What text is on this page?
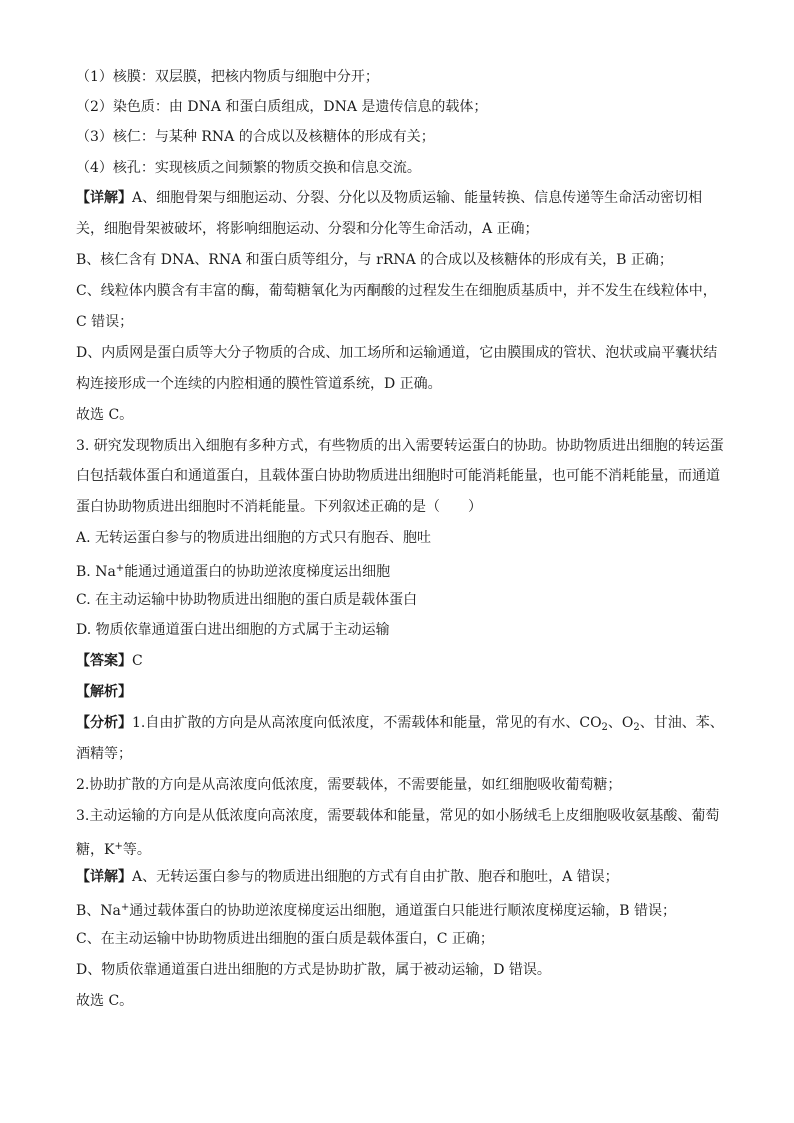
（1）核膜：双层膜，把核内物质与细胞中分开；
（2）染色质：由 DNA 和蛋白质组成，DNA 是遗传信息的载体；
（3）核仁：与某种 RNA 的合成以及核糖体的形成有关；
（4）核孔：实现核质之间频繁的物质交换和信息交流。
【详解】A、细胞骨架与细胞运动、分裂、分化以及物质运输、能量转换、信息传递等生命活动密切相
关，细胞骨架被破坏，将影响细胞运动、分裂和分化等生命活动，A 正确；
B、核仁含有 DNA、RNA 和蛋白质等组分，与 rRNA 的合成以及核糖体的形成有关，B 正确；
C、线粒体内膜含有丰富的酶，葡萄糖氧化为丙酮酸的过程发生在细胞质基质中，并不发生在线粒体中，
C 错误；
D、内质网是蛋白质等大分子物质的合成、加工场所和运输通道，它由膜围成的管状、泡状或扁平囊状结
构连接形成一个连续的内腔相通的膜性管道系统，D 正确。
故选 C。
3. 研究发现物质出入细胞有多种方式，有些物质的出入需要转运蛋白的协助。协助物质进出细胞的转运蛋
白包括载体蛋白和通道蛋白，且载体蛋白协助物质进出细胞时可能消耗能量，也可能不消耗能量，而通道
蛋白协助物质进出细胞时不消耗能量。下列叙述正确的是（　　）
A. 无转运蛋白参与的物质进出细胞的方式只有胞吞、胞吐
B. Na+能通过通道蛋白的协助逆浓度梯度运出细胞
C. 在主动运输中协助物质进出细胞的蛋白质是载体蛋白
D. 物质依靠通道蛋白进出细胞的方式属于主动运输
【答案】C
【解析】
【分析】1.自由扩散的方向是从高浓度向低浓度，不需载体和能量，常见的有水、$CO_2$、$O_2$、甘油、苯、
酒精等；
2.协助扩散的方向是从高浓度向低浓度，需要载体，不需要能量，如红细胞吸收葡萄糖；
3.主动运输的方向是从低浓度向高浓度，需要载体和能量，常见的如小肠绒毛上皮细胞吸收氨基酸、葡萄
糖，K+等。
【详解】A、无转运蛋白参与的物质进出细胞的方式有自由扩散、胞吞和胞吐，A 错误；
B、Na+通过载体蛋白的协助逆浓度梯度运出细胞，通道蛋白只能进行顺浓度梯度运输，B 错误；
C、在主动运输中协助物质进出细胞的蛋白质是载体蛋白，C 正确；
D、物质依靠通道蛋白进出细胞的方式是协助扩散，属于被动运输，D 错误。
故选 C。
